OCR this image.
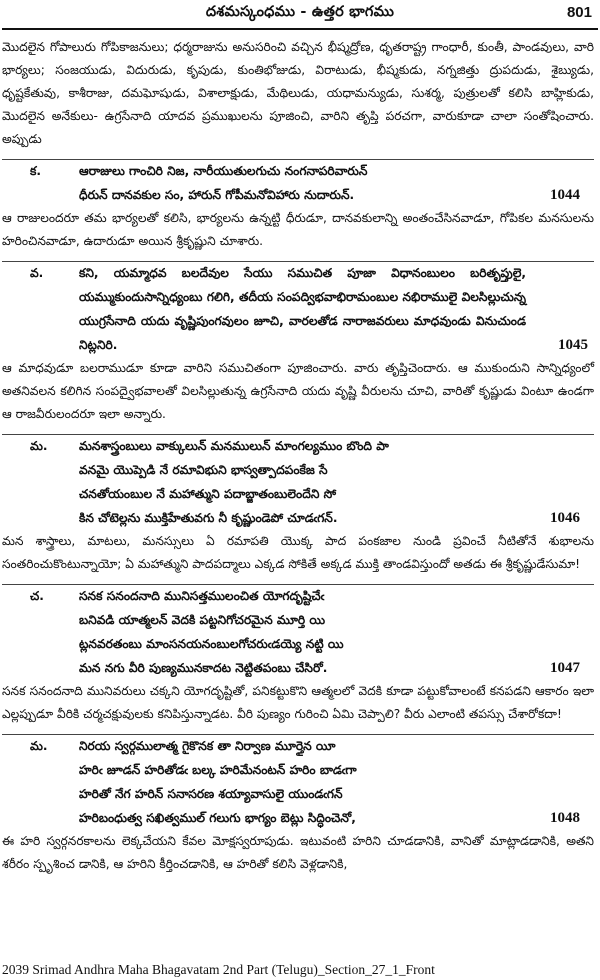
దశమస్కంధము - ఉత్తర భాగము	801

మొదలైన గోపాలురు గోపికాజనులు; ధర్మరాజును అనుసరించి వచ్చిన భీష్మద్రోణ, ధృతరాష్ట్ర గాంధారీ, కుంతీ, పాండవులు, వారి భార్యలు; సంజయుడు, విదురుడు, కృపుడు, కుంతిభోజుడు, విరాటుడు, భీష్మకుడు, నగ్నజిత్తు ద్రుపదుడు, శైబ్యుడు, ధృష్టకేతువు, కాశీరాజు, దమఘోషుడు, విశాలాక్షుడు, మేథిలుడు, యధామన్యుడు, సుశర్మ, పుత్రులతో కలిసి బాహ్లికుడు, మొదలైన అనేకులు- ఉగ్రసేనాది యాదవ ప్రముఖులను పూజించి, వారిని తృప్తి పరచగా, వారుకూడా చాలా సంతోషించారు. అప్పుడు

క.	ఆరాజులు గాంచిరి నిజ, నారీయుతులగుచు నంగనాపరివారున్
ధీరున్ దానవకుల సం, హారున్ గోపీమనోవిహారు నుదారున్.	1044

ఆ రాజులందరూ తమ భార్యలతో కలిసి, భార్యలను ఉన్నట్టి ధీరుడూ, దానవకులాన్ని అంతంచేసినవాడూ, గోపికల మనసులను హరించినవాడూ, ఉదారుడూ అయిన శ్రీకృష్ణుని చూశారు.

వ.	కని, యమ్మాధవ బలదేవుల సేయు సముచిత పూజా విధానంబులం బరితృప్తులై, యమ్ముకుందుసాన్నిధ్యంబు గలిగి, తదీయ సంపద్విభవాభిరామంబుల నభిరాములై విలసిల్లుచున్న యుగ్రసేనాది యదు వృష్ణిపుంగవులం జూచి, వారలతోడ నారాజవరులు మాధవుండు వినుచుండ నిట్లనిరి.	1045

ఆ మాధవుడూ బలరాముడూ కూడా వారిని సముచితంగా పూజించారు. వారు తృప్తిచెందారు. ఆ ముకుందుని సాన్నిధ్యంలో అతనివలన కలిగిన సంపద్వైభవాలతో విలసిల్లుతున్న ఉగ్రసేనాది యదు వృష్ణి వీరులను చూచి, వారితో కృష్ణుడు వింటూ ఉండగా ఆ రాజవీరులందరూ ఇలా అన్నారు.

మ.	మనశాస్త్రంబులు వాక్కులున్ మనములున్ మాంగల్యముం బొంది పా
వనమై యొప్పెడి నే రమావిభుని భాస్వత్పాదపంకేజ సే
చనతోయంబుల నే మహాత్ముని పదాబ్జాతంబులెందేని సో
కిన చోటెల్లను ముక్తిహేతువగు నీ కృష్ణుండెపో చూడఁగన్.	1046

మన శాస్త్రాలు, మాటలు, మనస్సులు ఏ రమాపతి యొక్క పాద పంకజాల నుండి ప్రవించే నీటితోనే శుభాలను సంతరించుకొంటున్నాయో; ఏ మహాత్ముని పాదపద్మాలు ఎక్కడ సోకితే అక్కడ ముక్తి తాండవిస్తుందో అతడు ఈ శ్రీకృష్ణుడేసుమా!

చ.	సనక సనందనాది మునిసత్తములంచిత యోగదృష్టిచేఁ
బనివడి యాత్మలన్ వెదకి పట్టనిగోచరమైన మూర్తి యి
ట్లనవరతంబు మాంసనయనంబులగోచరుఁడయ్యె నట్టి యి
మన నగు వీరి పుణ్యమునకాదట నెట్టితపంబు చేసిరో.	1047

సనక సనందనాది మునివరులు చక్కని యోగదృష్టితో, పనికట్టుకొని ఆత్మలలో వెదకి కూడా పట్టుకోవాలంటే కనపడని ఆకారం ఇలా ఎల్లప్పుడూ వీరికి చర్మచక్షువులకు కనిపిస్తున్నాడట. వీరి పుణ్యం గురించి ఏమి చెప్పాలి? వీరు ఎలాంటి తపస్సు చేశారోకదా!

మ.	నిరయ స్వర్గములాత్మ గైకొనక తా నిర్వాణ మూర్తైన యీ
హరిఁ జూడన్ హరితోడఁ బల్క హరిమేనంటన్ హరిం బాడఁగా
హరితో నేగ హరిన్ సనాసరణ శయ్యావాసులై యుండఁగన్
హరిబంధుత్వ సఖిత్వముల్ గలుగు భాగ్యం బెట్లు సిద్ధించెనో,	1048

ఈ హరి స్వర్గనరకాలను లెక్కచేయని కేవల మోక్షస్వరూపుడు. ఇటువంటి హరిని చూడడానికి, వానితో మాట్లాడడానికి, అతని శరీరం స్పృశించ డానికి, ఆ హరిని కీర్తించడానికి, ఆ హరితో కలిసి వెళ్లడానికి,

2039 Srimad Andhra Maha Bhagavatam 2nd Part (Telugu)_Section_27_1_Front
